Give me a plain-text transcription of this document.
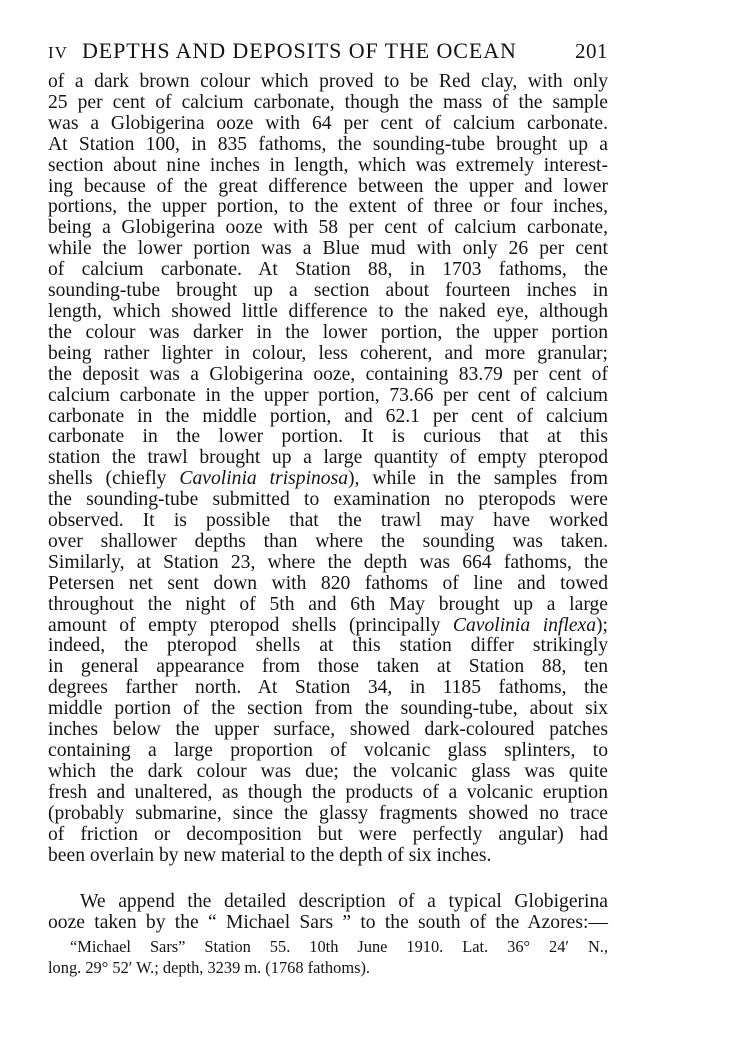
IV DEPTHS AND DEPOSITS OF THE OCEAN	201
of a dark brown colour which proved to be Red clay, with only
25 per cent of calcium carbonate, though the mass of the sample
was a Globigerina ooze with 64 per cent of calcium carbonate.
At Station 100, in 835 fathoms, the sounding-tube brought up a
section about nine inches in length, which was extremely interest-
ing because of the great difference between the upper and lower
portions, the upper portion, to the extent of three or four inches,
being a Globigerina ooze with 58 per cent of calcium carbonate,
while the lower portion was a Blue mud with only 26 per cent
of calcium carbonate. At Station 88, in 1703 fathoms, the
sounding-tube brought up a section about fourteen inches in
length, which showed little difference to the naked eye, although
the colour was darker in the lower portion, the upper portion
being rather lighter in colour, less coherent, and more granular;
the deposit was a Globigerina ooze, containing 83.79 per cent of
calcium carbonate in the upper portion, 73.66 per cent of calcium
carbonate in the middle portion, and 62.1 per cent of calcium
carbonate in the lower portion. It is curious that at this
station the trawl brought up a large quantity of empty pteropod
shells (chiefly Cavolinia trispinosa), while in the samples from
the sounding-tube submitted to examination no pteropods were
observed. It is possible that the trawl may have worked
over shallower depths than where the sounding was taken.
Similarly, at Station 23, where the depth was 664 fathoms, the
Petersen net sent down with 820 fathoms of line and towed
throughout the night of 5th and 6th May brought up a large
amount of empty pteropod shells (principally Cavolinia inflexa);
indeed, the pteropod shells at this station differ strikingly
in general appearance from those taken at Station 88, ten
degrees farther north. At Station 34, in 1185 fathoms, the
middle portion of the section from the sounding-tube, about six
inches below the upper surface, showed dark-coloured patches
containing a large proportion of volcanic glass splinters, to
which the dark colour was due; the volcanic glass was quite
fresh and unaltered, as though the products of a volcanic eruption
(probably submarine, since the glassy fragments showed no trace
of friction or decomposition but were perfectly angular) had
been overlain by new material to the depth of six inches.
We append the detailed description of a typical Globigerina
ooze taken by the “ Michael Sars ” to the south of the Azores:—
“Michael Sars” Station 55. 10th June 1910. Lat. 36° 24′ N.,
long. 29° 52′ W.; depth, 3239 m. (1768 fathoms).
